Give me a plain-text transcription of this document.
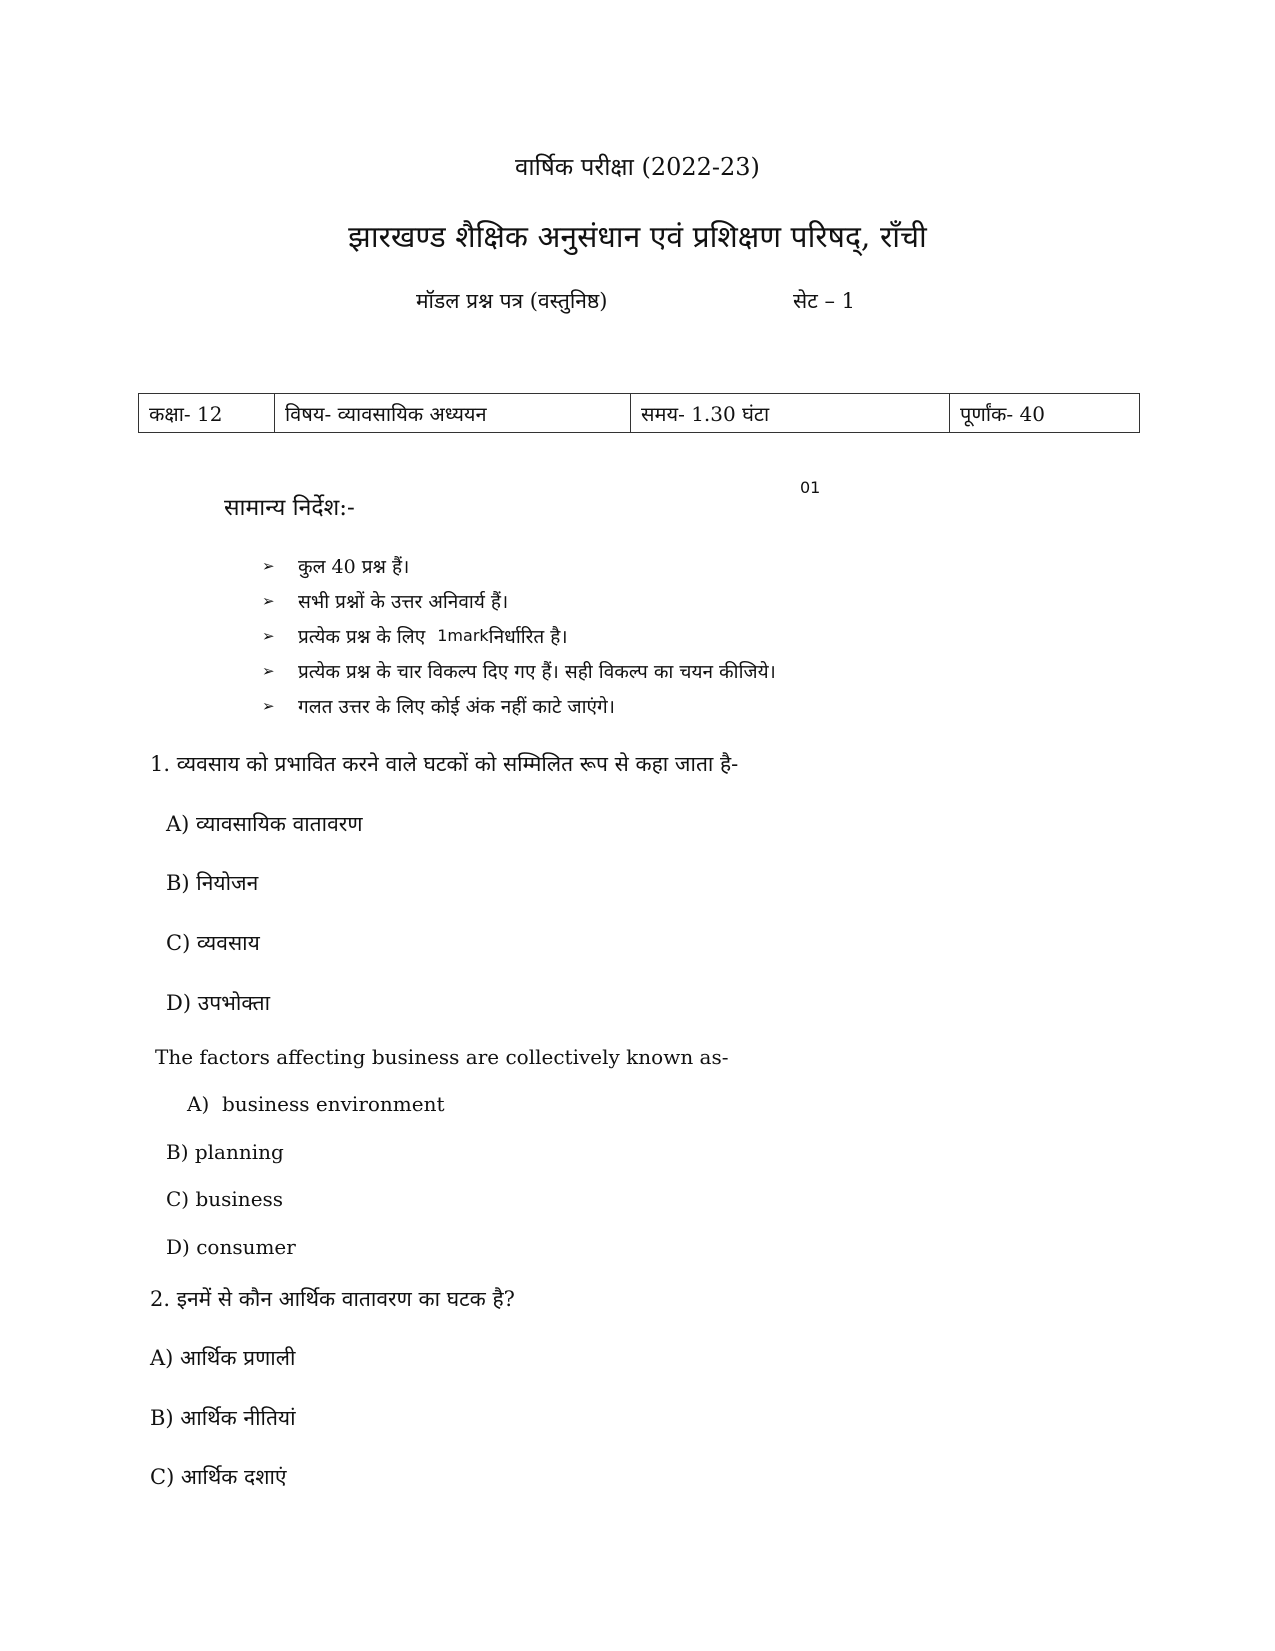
वार्षिक परीक्षा (2022-23)
झारखण्ड शैक्षिक अनुसंधान एवं प्रशिक्षण परिषद्, राँची
मॉडल प्रश्न पत्र (वस्तुनिष्ठ)	सेट – 1
कक्षा- 12	विषय- व्यावसायिक अध्ययन	समय- 1.30 घंटा	पूर्णांक- 40
01
सामान्य निर्देश:-
➢	कुल 40 प्रश्न हैं।
➢	सभी प्रश्नों के उत्तर अनिवार्य हैं।
➢	प्रत्येक प्रश्न के लिए 1mark निर्धारित है।
➢	प्रत्येक प्रश्न के चार विकल्प दिए गए हैं। सही विकल्प का चयन कीजिये।
➢	गलत उत्तर के लिए कोई अंक नहीं काटे जाएंगे।
1. व्यवसाय को प्रभावित करने वाले घटकों को सम्मिलित रूप से कहा जाता है-
A) व्यावसायिक वातावरण
B) नियोजन
C) व्यवसाय
D) उपभोक्ता
The factors affecting business are collectively known as-
A)  business environment
B) planning
C) business
D) consumer
2. इनमें से कौन आर्थिक वातावरण का घटक है?
A) आर्थिक प्रणाली
B) आर्थिक नीतियां
C) आर्थिक दशाएं
